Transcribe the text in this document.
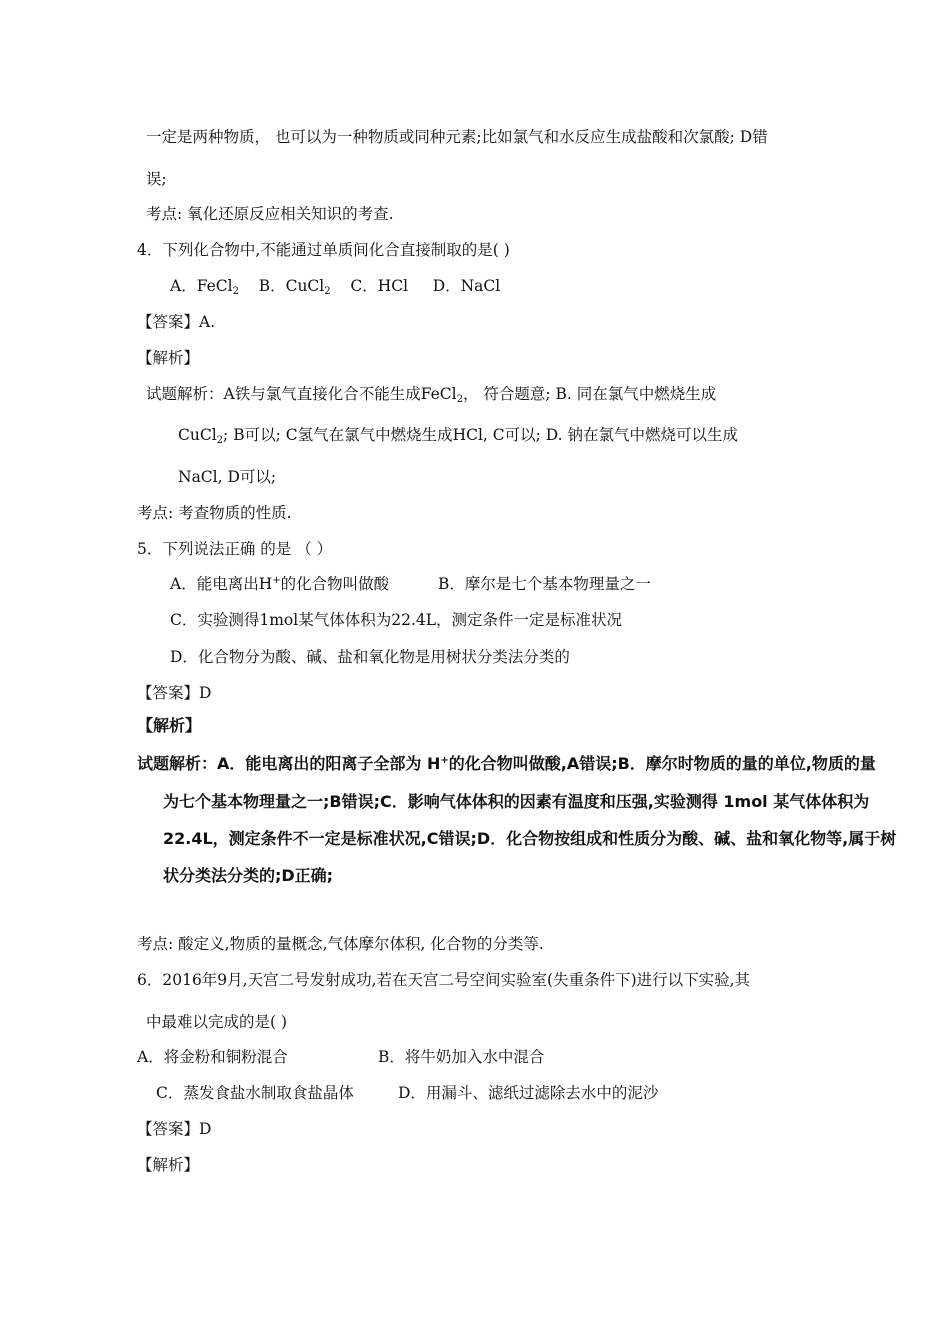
一定是两种物质， 也可以为一种物质或同种元素;比如氯气和水反应生成盐酸和次氯酸; D错
误;
考点: 氧化还原反应相关知识的考查.
4．下列化合物中,不能通过单质间化合直接制取的是( )
A．FeCl$_2$ B．CuCl$_2$ C．HCl D．NaCl
【答案】A.
【解析】
试题解析：A铁与氯气直接化合不能生成FeCl$_2$， 符合题意; B. 同在氯气中燃烧生成
CuCl$_2$; B可以; C氢气在氯气中燃烧生成HCl, C可以; D. 钠在氯气中燃烧可以生成
NaCl, D可以;
考点: 考查物质的性质.
5．下列说法正确 的是 （ ）
A．能电离出H+的化合物叫做酸	B．摩尔是七个基本物理量之一
C．实验测得1mol某气体体积为22.4L，测定条件一定是标准状况
D．化合物分为酸、碱、盐和氧化物是用树状分类法分类的
【答案】D
【解析】
试题解析：A．能电离出的阳离子全部为 H+的化合物叫做酸,A错误;B．摩尔时物质的量的单位,物质的量
为七个基本物理量之一;B错误;C．影响气体体积的因素有温度和压强,实验测得 1mol 某气体体积为
22.4L，测定条件不一定是标准状况,C错误;D．化合物按组成和性质分为酸、碱、盐和氧化物等,属于树
状分类法分类的;D正确;
考点: 酸定义,物质的量概念,气体摩尔体积, 化合物的分类等.
6．2016年9月,天宫二号发射成功,若在天宫二号空间实验室(失重条件下)进行以下实验,其
中最难以完成的是( )
A．将金粉和铜粉混合	B．将牛奶加入水中混合
C．蒸发食盐水制取食盐晶体	D．用漏斗、滤纸过滤除去水中的泥沙
【答案】D
【解析】
